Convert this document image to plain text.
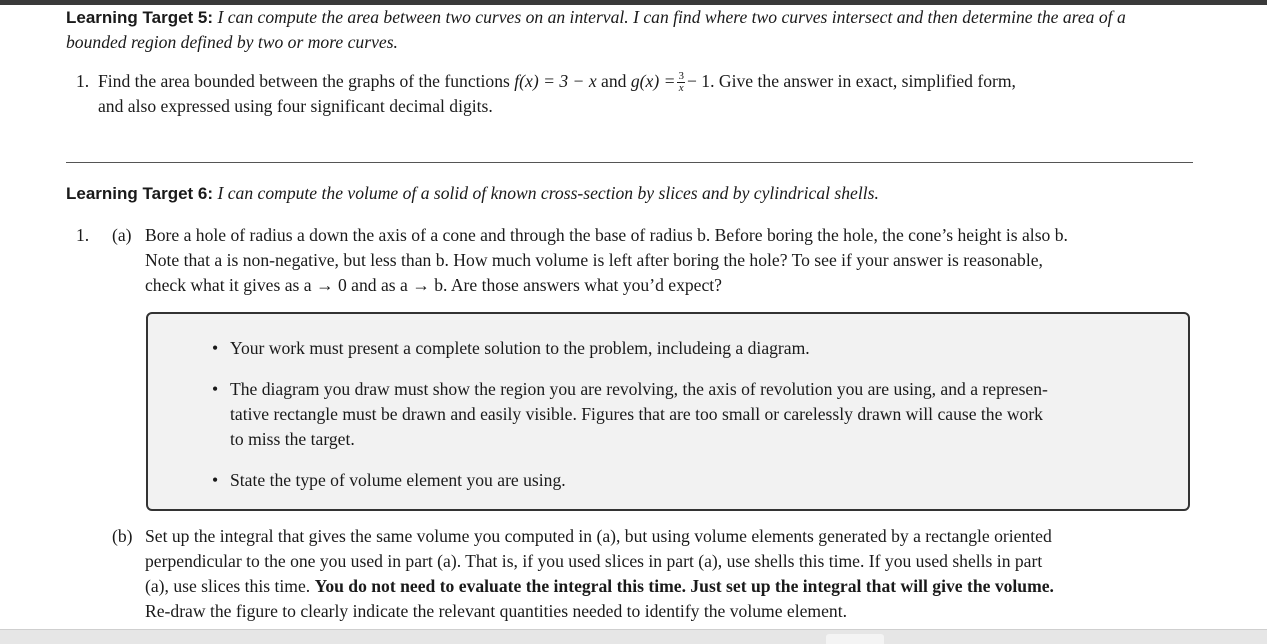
Learning Target 5: I can compute the area between two curves on an interval. I can find where two curves intersect and then determine the area of a
bounded region defined by two or more curves.

1. Find the area bounded between the graphs of the functions f(x) = 3 − x and $g(x) = \frac{3}{x} - 1$. Give the answer in exact, simplified form,
and also expressed using four significant decimal digits.

Learning Target 6: I can compute the volume of a solid of known cross-section by slices and by cylindrical shells.

1. (a) Bore a hole of radius a down the axis of a cone and through the base of radius b. Before boring the hole, the cone’s height is also b.
Note that a is non-negative, but less than b. How much volume is left after boring the hole? To see if your answer is reasonable,
check what it gives as a → 0 and as a → b. Are those answers what you’d expect?
• Your work must present a complete solution to the problem, includeing a diagram.
• The diagram you draw must show the region you are revolving, the axis of revolution you are using, and a represen-
tative rectangle must be drawn and easily visible. Figures that are too small or carelessly drawn will cause the work
to miss the target.
• State the type of volume element you are using.
(b) Set up the integral that gives the same volume you computed in (a), but using volume elements generated by a rectangle oriented
perpendicular to the one you used in part (a). That is, if you used slices in part (a), use shells this time. If you used shells in part
(a), use slices this time. You do not need to evaluate the integral this time. Just set up the integral that will give the volume.
Re-draw the figure to clearly indicate the relevant quantities needed to identify the volume element.
